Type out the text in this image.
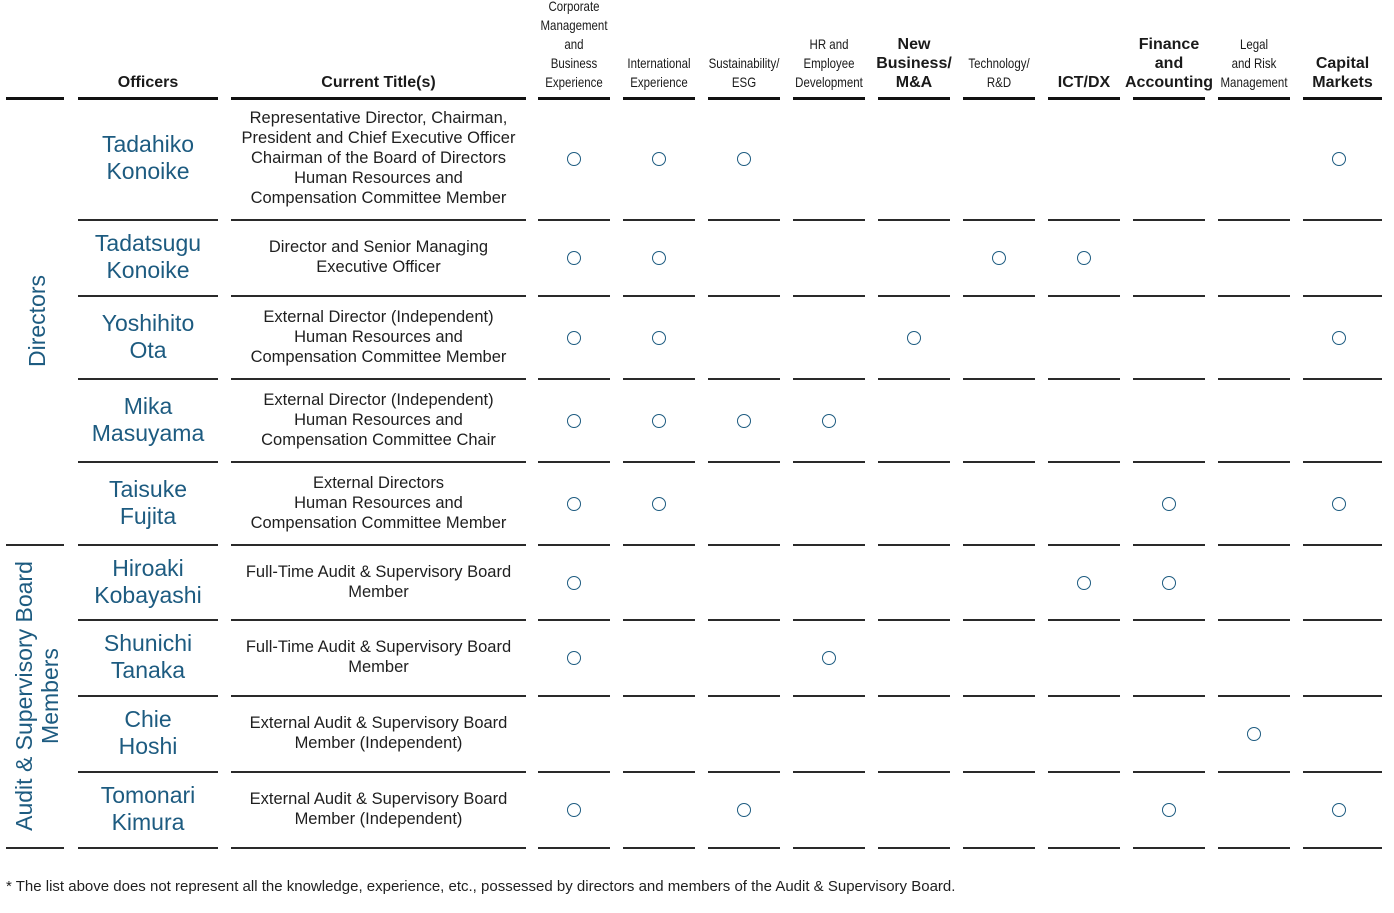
Officers	Current Title(s)
Corporate
Management
and Business
Experience
International
Experience
Sustainability/
ESG
HR and
Employee
Development
New
Business/
M&A
Technology/
R&D	ICT/DX
Finance
and
Accounting
Legal
and Risk
Management
Capital
Markets
Directors
Audit & Supervisory Board Members
Tadahiko
Konoike
Representative Director, Chairman,
President and Chief Executive Officer
Chairman of the Board of Directors
Human Resources and
Compensation Committee Member
Tadatsugu
Konoike
Director and Senior Managing
Executive Officer
Yoshihito
Ota
External Director (Independent)
Human Resources and
Compensation Committee Member
Mika
Masuyama
External Director (Independent)
Human Resources and
Compensation Committee Chair
Taisuke
Fujita
External Directors
Human Resources and
Compensation Committee Member
Hiroaki
Kobayashi
Full-Time Audit & Supervisory Board
Member
Shunichi
Tanaka
Full-Time Audit & Supervisory Board
Member
Chie
Hoshi
External Audit & Supervisory Board
Member (Independent)
Tomonari
Kimura
External Audit & Supervisory Board
Member (Independent)
* The list above does not represent all the knowledge, experience, etc., possessed by directors and members of the Audit & Supervisory Board.
